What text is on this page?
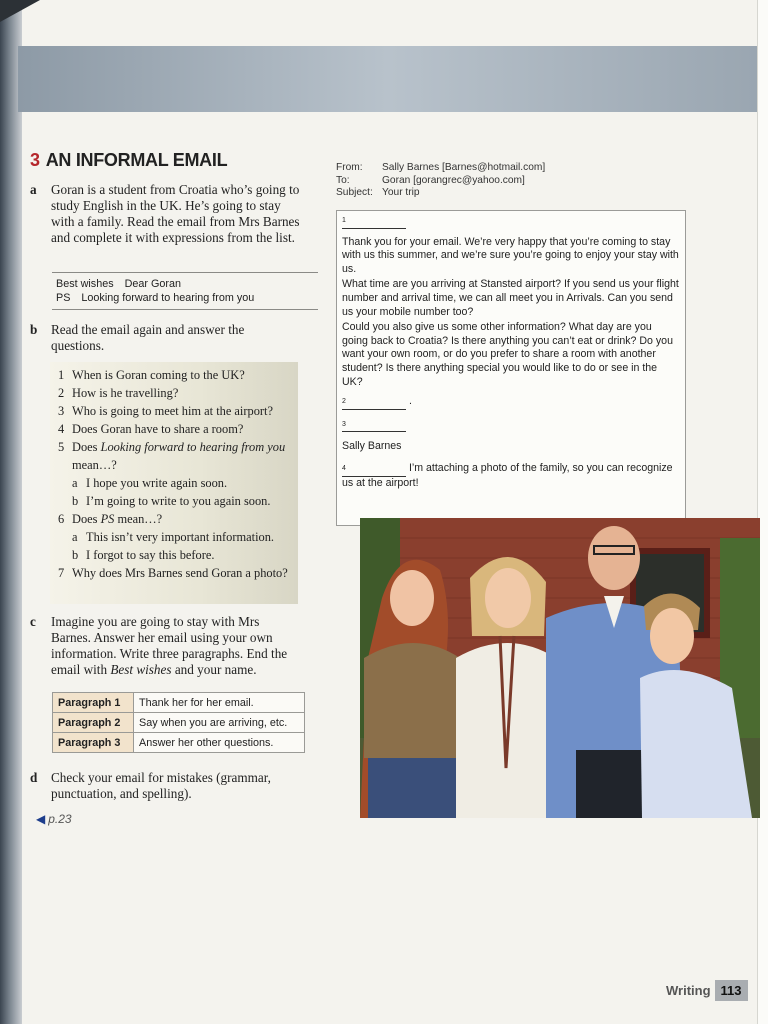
3 AN INFORMAL EMAIL
a Goran is a student from Croatia who’s going to study English in the UK. He’s going to stay with a family. Read the email from Mrs Barnes and complete it with expressions from the list.
Best wishes Dear Goran
PS Looking forward to hearing from you
b Read the email again and answer the questions.
1 When is Goran coming to the UK?
2 How is he travelling?
3 Who is going to meet him at the airport?
4 Does Goran have to share a room?
5 Does Looking forward to hearing from you mean…?
a I hope you write again soon.
b I’m going to write to you again soon.
6 Does PS mean…?
a This isn’t very important information.
b I forgot to say this before.
7 Why does Mrs Barnes send Goran a photo?
c Imagine you are going to stay with Mrs Barnes. Answer her email using your own information. Write three paragraphs. End the email with Best wishes and your name.
Paragraph 1	Thank her for her email.
Paragraph 2	Say when you are arriving, etc.
Paragraph 3	Answer her other questions.
d Check your email for mistakes (grammar, punctuation, and spelling).
◀ p.23
From: Sally Barnes [Barnes@hotmail.com]
To:	Goran [gorangrec@yahoo.com]
Subject: Your trip

$^1$

Thank you for your email. We’re very happy that you’re coming to stay with us this summer, and we’re sure you’re going to enjoy your stay with us.

What time are you arriving at Stansted airport? If you send us your flight number and arrival time, we can all meet you in Arrivals. Can you send us your mobile number too?

Could you also give us some other information? What day are you going back to Croatia? Is there anything you can’t eat or drink? Do you want your own room, or do you prefer to share a room with another student? Is there anything special you would like to do or see in the UK?

$^2$	.

$^3$

Sally Barnes

$^4$	I’m attaching a photo of the family, so you can recognize us at the airport!

Writing 113
